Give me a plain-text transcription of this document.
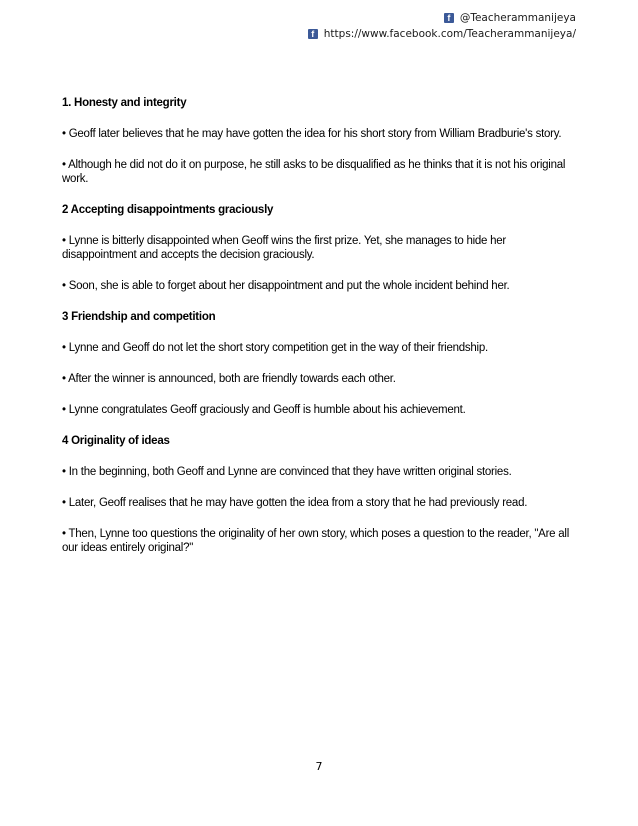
f @Teacherammanijeya
f https://www.facebook.com/Teacherammanijeya/

1. Honesty and integrity

• Geoff later believes that he may have gotten the idea for his short story from William Bradburie's story.

• Although he did not do it on purpose, he still asks to be disqualified as he thinks that it is not his original work.

2 Accepting disappointments graciously

• Lynne is bitterly disappointed when Geoff wins the first prize. Yet, she manages to hide her disappointment and accepts the decision graciously.

• Soon, she is able to forget about her disappointment and put the whole incident behind her.

3 Friendship and competition

• Lynne and Geoff do not let the short story competition get in the way of their friendship.

• After the winner is announced, both are friendly towards each other.

• Lynne congratulates Geoff graciously and Geoff is humble about his achievement.

4 Originality of ideas

• In the beginning, both Geoff and Lynne are convinced that they have written original stories.

• Later, Geoff realises that he may have gotten the idea from a story that he had previously read.

• Then, Lynne too questions the originality of her own story, which poses a question to the reader, "Are all our ideas entirely original?"

7
